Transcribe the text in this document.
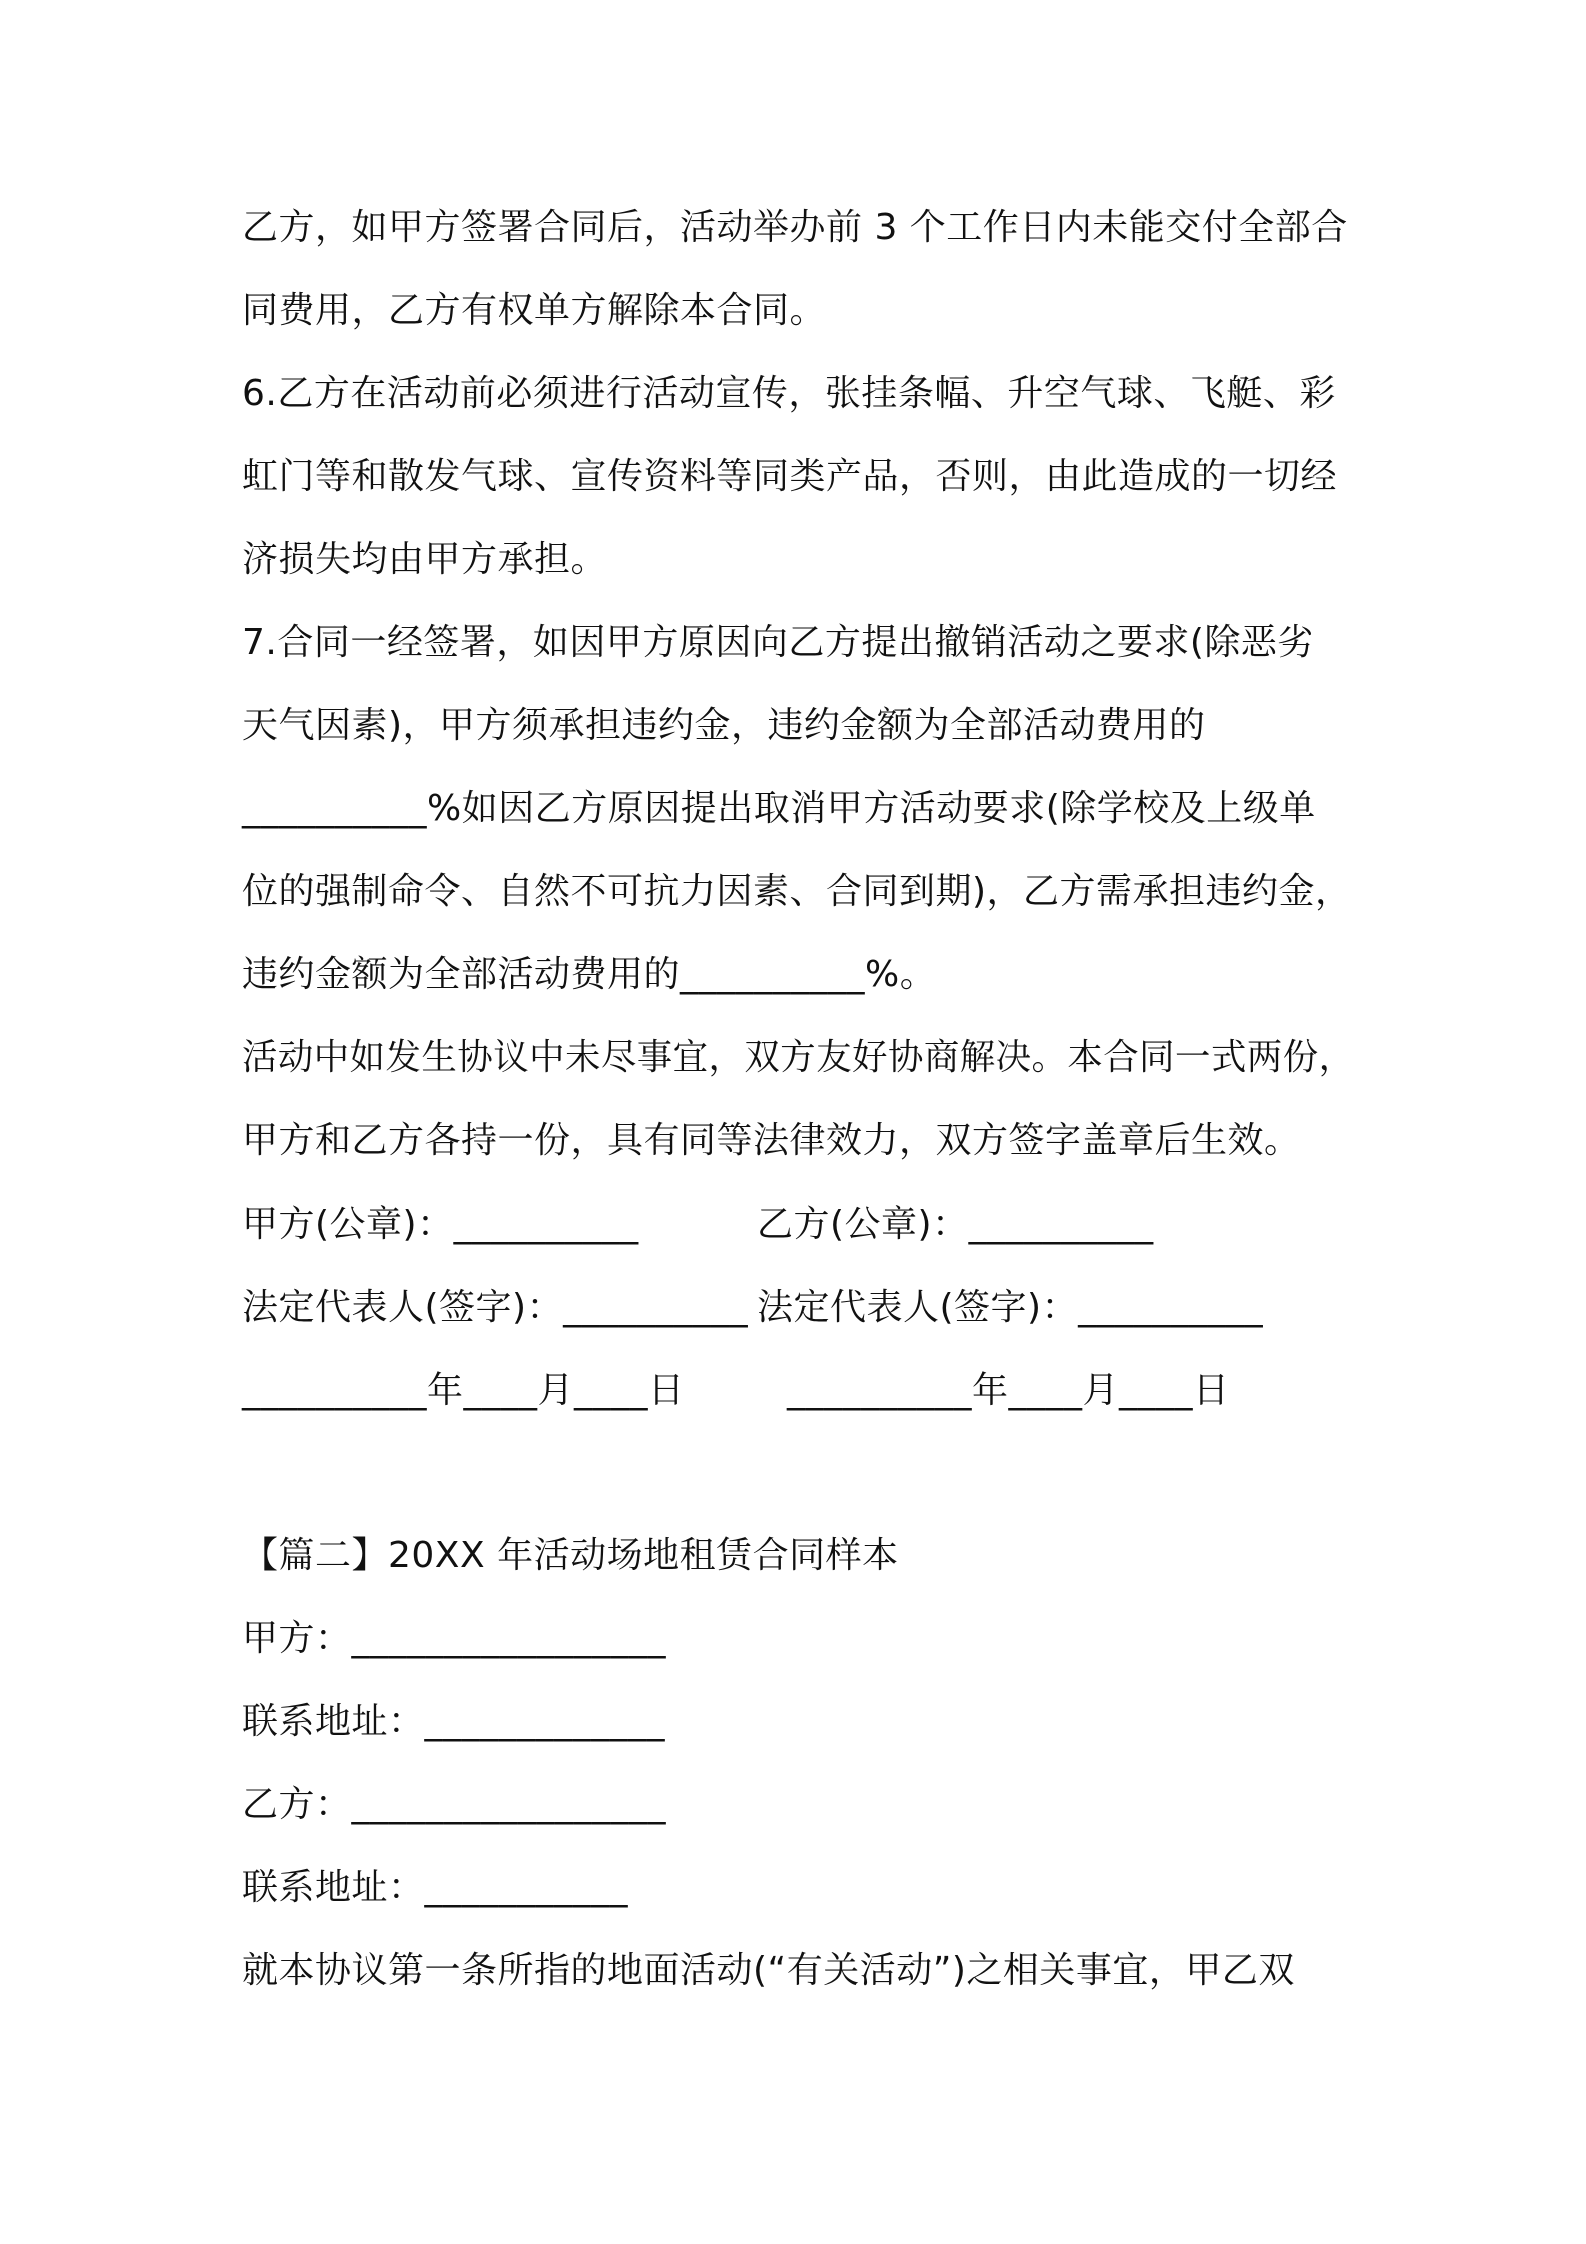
乙方，如甲方签署合同后，活动举办前 3 个工作日内未能交付全部合
同费用，乙方有权单方解除本合同。
6.乙方在活动前必须进行活动宣传，张挂条幅、升空气球、飞艇、彩
虹门等和散发气球、宣传资料等同类产品，否则，由此造成的一切经
济损失均由甲方承担。
7.合同一经签署，如因甲方原因向乙方提出撤销活动之要求(除恶劣
天气因素)，甲方须承担违约金，违约金额为全部活动费用的
__________%如因乙方原因提出取消甲方活动要求(除学校及上级单
位的强制命令、自然不可抗力因素、合同到期)，乙方需承担违约金，
违约金额为全部活动费用的__________%。
活动中如发生协议中未尽事宜，双方友好协商解决。本合同一式两份，
甲方和乙方各持一份，具有同等法律效力，双方签字盖章后生效。
甲方(公章)：__________	乙方(公章)：__________
法定代表人(签字)：__________ 法定代表人(签字)：__________
__________年____月____日	__________年____月____日
【篇二】20XX 年活动场地租赁合同样本
甲方：_________________
联系地址：_____________
乙方：_________________
联系地址：___________
就本协议第一条所指的地面活动(“有关活动”)之相关事宜，甲乙双
